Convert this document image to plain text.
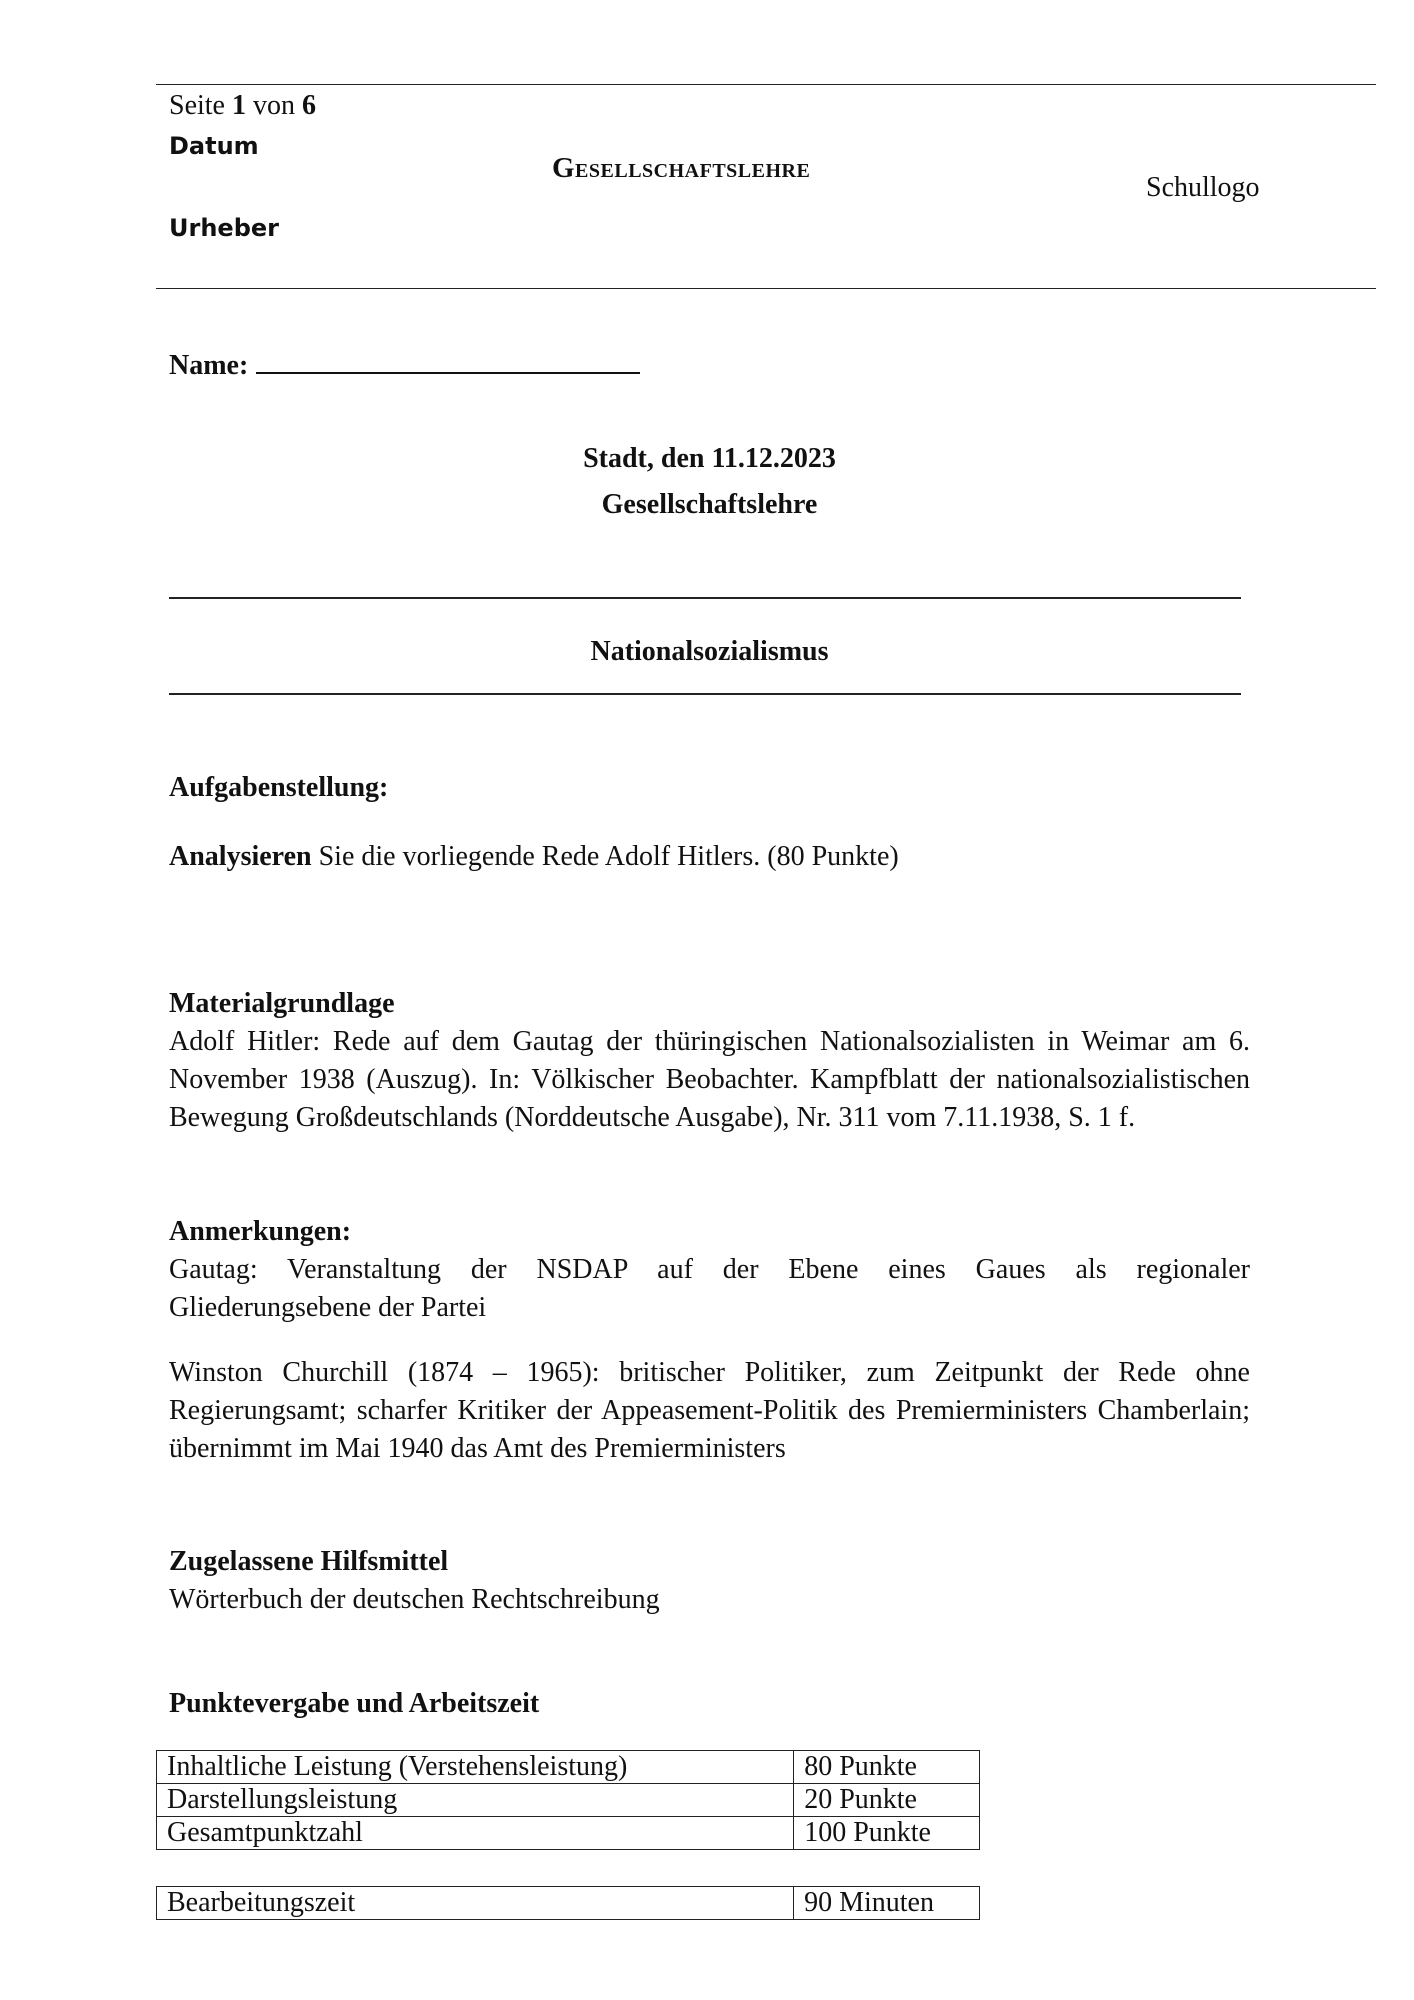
Seite 1 von 6
Datum
Urheber
Gesellschaftslehre
Schullogo
Name:
Stadt, den 11.12.2023
Gesellschaftslehre
Nationalsozialismus
Aufgabenstellung:
Analysieren Sie die vorliegende Rede Adolf Hitlers. (80 Punkte)
Materialgrundlage
Adolf Hitler: Rede auf dem Gautag der thüringischen Nationalsozialisten in Weimar am 6.
November 1938 (Auszug). In: Völkischer Beobachter. Kampfblatt der nationalsozialistischen
Bewegung Großdeutschlands (Norddeutsche Ausgabe), Nr. 311 vom 7.11.1938, S. 1 f.
Anmerkungen:
Gautag: Veranstaltung der NSDAP auf der Ebene eines Gaues als regionaler
Gliederungsebene der Partei
Winston Churchill (1874 – 1965): britischer Politiker, zum Zeitpunkt der Rede ohne
Regierungsamt; scharfer Kritiker der Appeasement-Politik des Premierministers Chamberlain;
übernimmt im Mai 1940 das Amt des Premierministers
Zugelassene Hilfsmittel
Wörterbuch der deutschen Rechtschreibung
Punktevergabe und Arbeitszeit
Inhaltliche Leistung (Verstehensleistung)	80 Punkte
Darstellungsleistung	20 Punkte
Gesamtpunktzahl	100 Punkte
Bearbeitungszeit	90 Minuten
